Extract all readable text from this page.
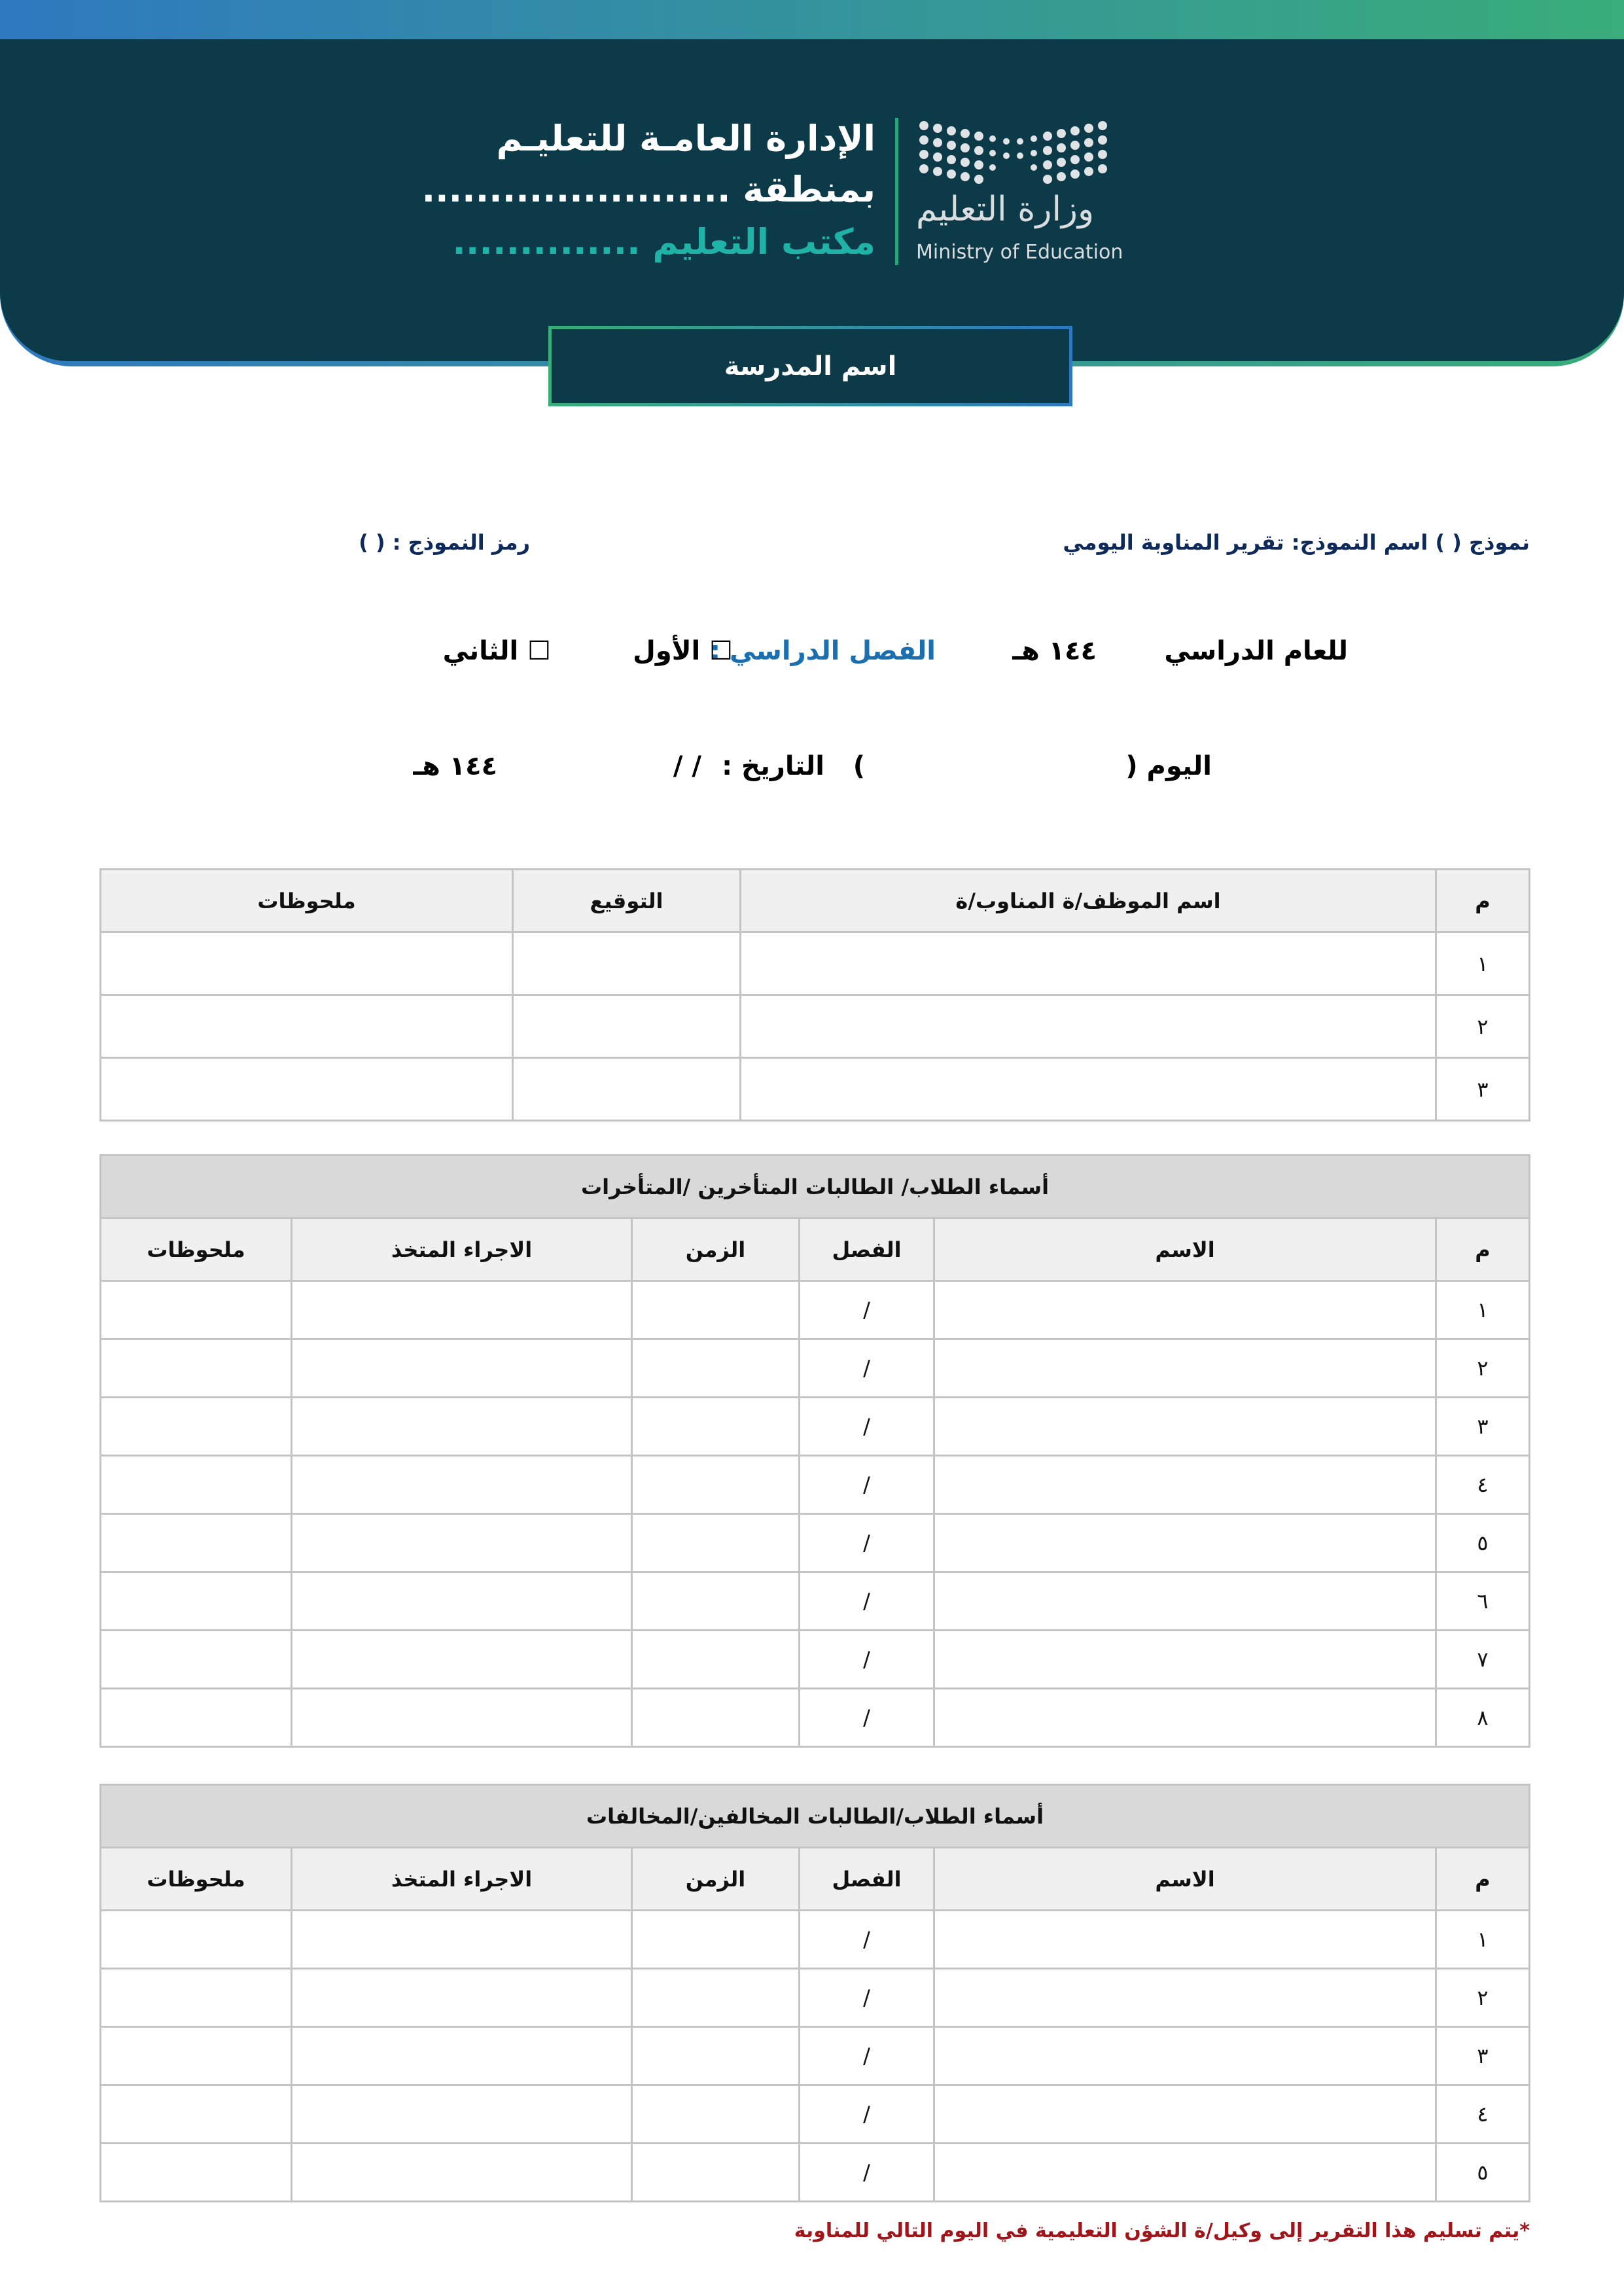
الإدارة العامـة للتعليـم
بمنطقة .......................
مكتب التعليم ..............
وزارة التعليم
Ministry of Education
اسم المدرسة
نموذج ( ) اسم النموذج: تقرير المناوبة اليومي
رمز النموذج : ( )
للعام الدراسي
١٤٤ هـ
الفصل الدراسي :
☐ الأول
☐ الثاني
اليوم (
)
التاريخ :
/ /
١٤٤ هـ
م	اسم الموظف/ة المناوب/ة	التوقيع	ملحوظات
١			
٢			
٣			
أسماء الطلاب/ الطالبات المتأخرين /المتأخرات					
م	الاسم	الفصل	الزمن	الاجراء المتخذ	ملحوظات
١		/			
٢		/			
٣		/			
٤		/			
٥		/			
٦		/			
٧		/			
٨		/			
أسماء الطلاب/الطالبات المخالفين/المخالفات					
م	الاسم	الفصل	الزمن	الاجراء المتخذ	ملحوظات
١		/			
٢		/			
٣		/			
٤		/			
٥		/			
*يتم تسليم هذا التقرير إلى وكيل/ة الشؤن التعليمية في اليوم التالي للمناوبة
